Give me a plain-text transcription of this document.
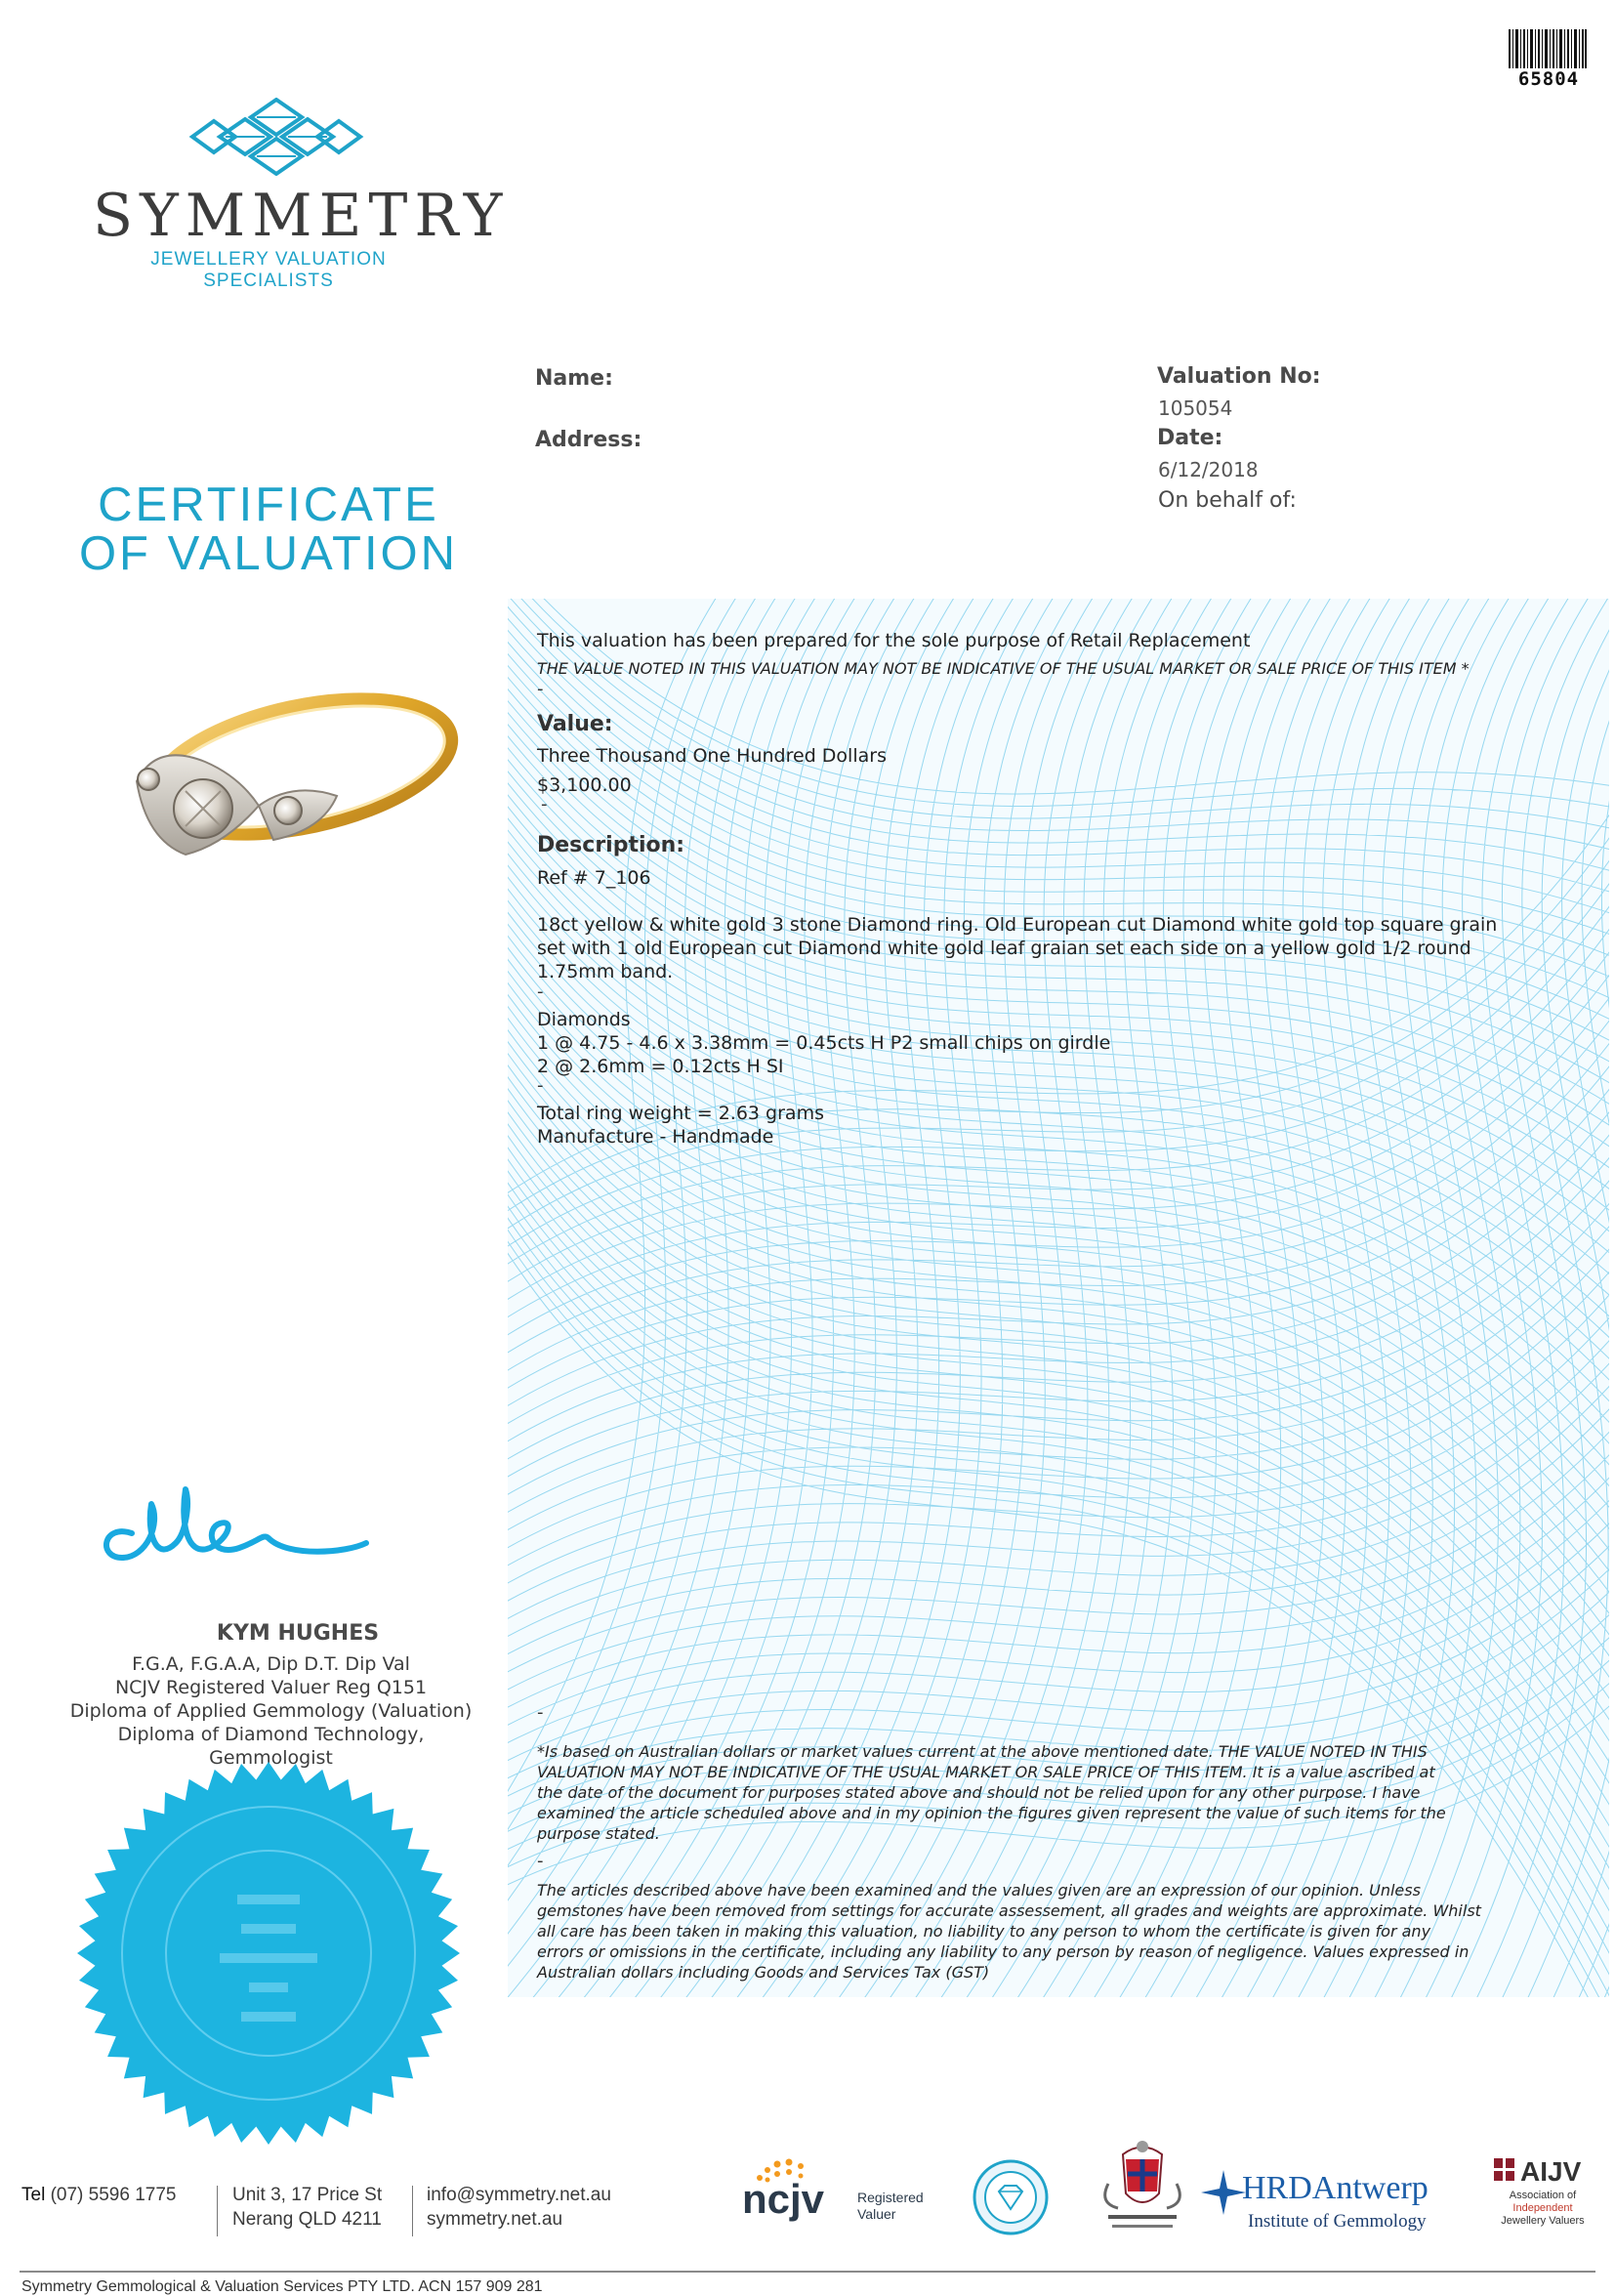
65804
SYMMETRY
JEWELLERY VALUATION SPECIALISTS
CERTIFICATE
OF VALUATION
Name:
Address:
Valuation No:
105054
Date:
6/12/2018
On behalf of:
This valuation has been prepared for the sole purpose of Retail Replacement
THE VALUE NOTED IN THIS VALUATION MAY NOT BE INDICATIVE OF THE USUAL MARKET OR SALE PRICE OF THIS ITEM *
-
Value:
Three Thousand One Hundred Dollars
$3,100.00
-
Description:
Ref # 7_106
18ct yellow & white gold 3 stone Diamond ring. Old European cut Diamond white gold top square grain
set with 1 old European cut Diamond white gold leaf graian set each side on a yellow gold 1/2 round
1.75mm band.
-
Diamonds
1 @ 4.75 - 4.6 x 3.38mm = 0.45cts H P2 small chips on girdle
2 @ 2.6mm = 0.12cts H SI
-
Total ring weight = 2.63 grams
Manufacture - Handmade
-
*Is based on Australian dollars or market values current at the above mentioned date. THE VALUE NOTED IN THIS
VALUATION MAY NOT BE INDICATIVE OF THE USUAL MARKET OR SALE PRICE OF THIS ITEM. It is a value ascribed at
the date of the document for purposes stated above and should not be relied upon for any other purpose. I have
examined the article scheduled above and in my opinion the figures given represent the value of such items for the
purpose stated.
-
The articles described above have been examined and the values given are an expression of our opinion. Unless
gemstones have been removed from settings for accurate assessement, all grades and weights are approximate. Whilst
all care has been taken in making this valuation, no liability to any person to whom the certificate is given for any
errors or omissions in the certificate, including any liability to any person by reason of negligence. Values expressed in
Australian dollars including Goods and Services Tax (GST)
KYM HUGHES
F.G.A, F.G.A.A, Dip D.T. Dip Val
NCJV Registered Valuer Reg Q151
Diploma of Applied Gemmology (Valuation)
Diploma of Diamond Technology,
Gemmologist
Tel (07) 5596 1775	Unit 3, 17 Price St
Nerang QLD 4211
info@symmetry.net.au
symmetry.net.au	ncjv Registered
Valuer
HRDAntwerp
Institute of Gemmology
AIJV
Association of
Independent
Jewellery Valuers
Symmetry Gemmological & Valuation Services PTY LTD. ACN 157 909 281
